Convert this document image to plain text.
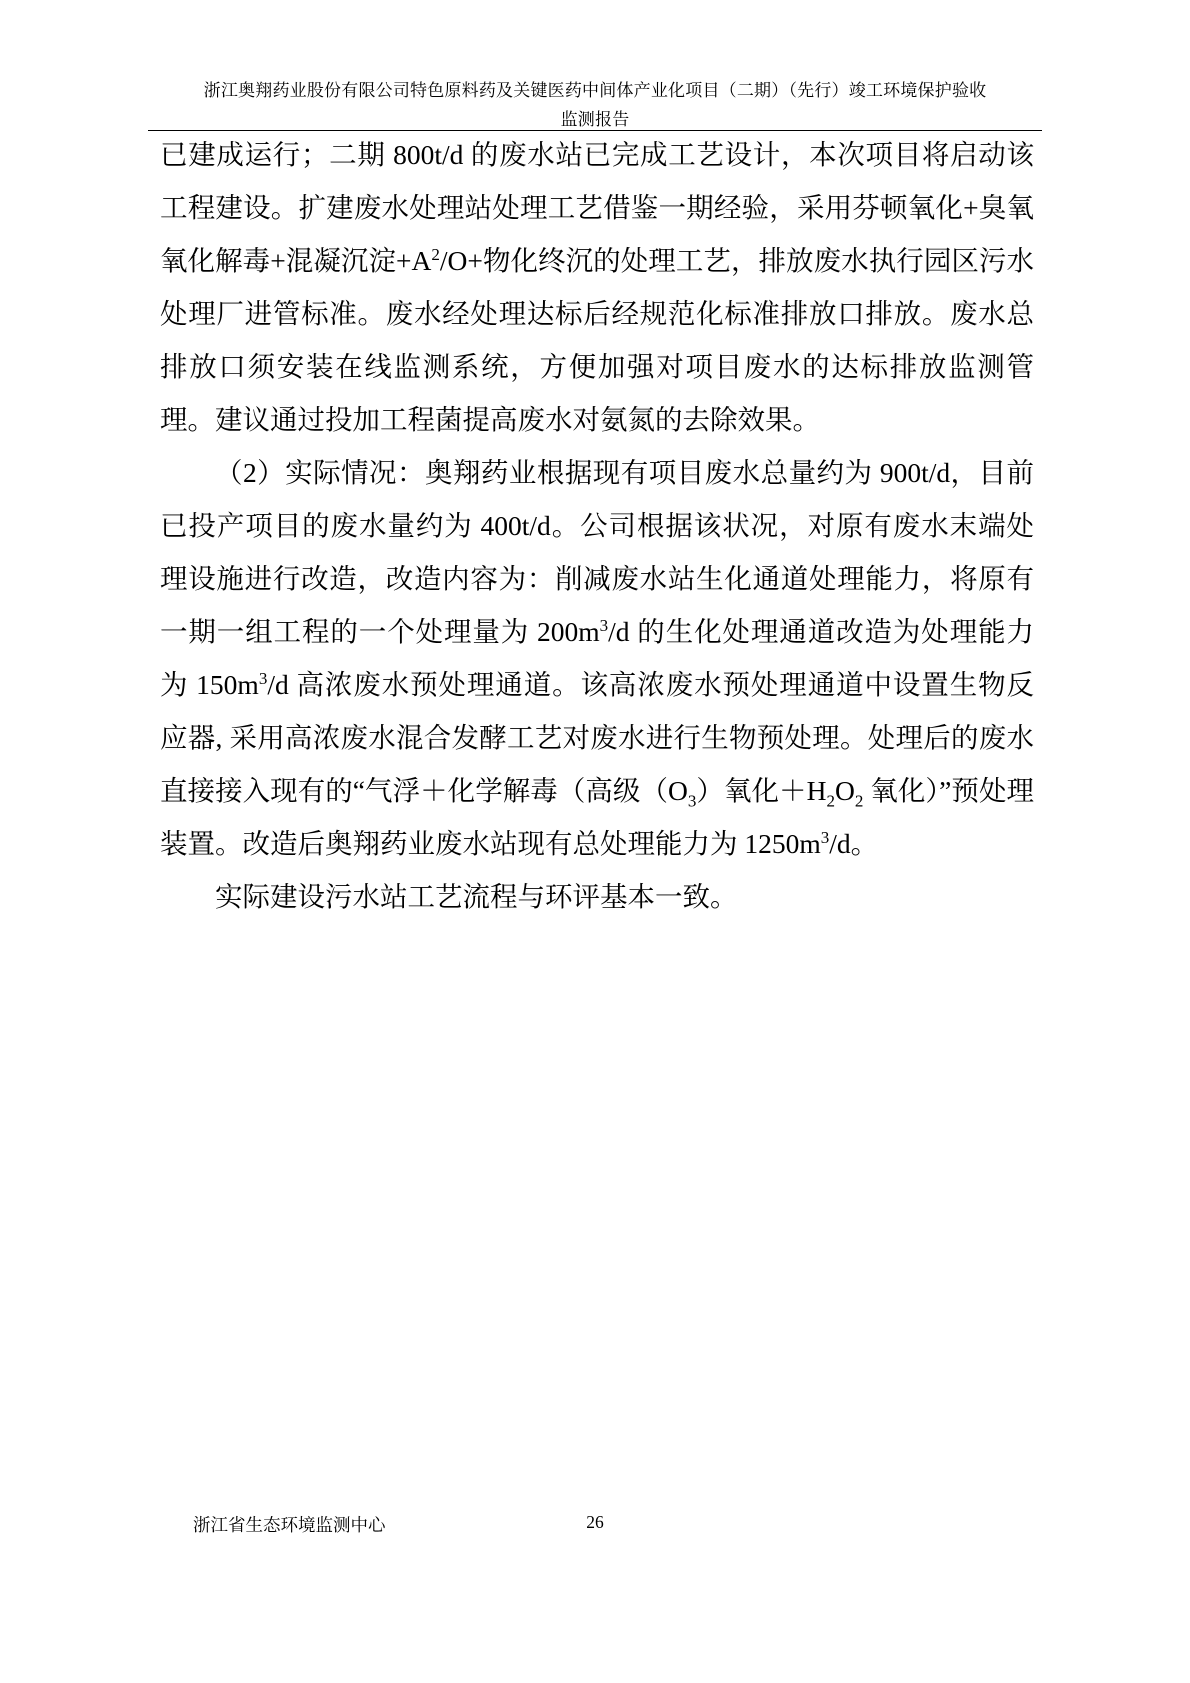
浙江奥翔药业股份有限公司特色原料药及关键医药中间体产业化项目（二期）（先行）竣工环境保护验收
监测报告

已建成运行；二期 800t/d 的废水站已完成工艺设计，本次项目将启动该工程建设。扩建废水处理站处理工艺借鉴一期经验，采用芬顿氧化+臭氧氧化解毒+混凝沉淀$+A^2/O+$物化终沉的处理工艺，排放废水执行园区污水处理厂进管标准。废水经处理达标后经规范化标准排放口排放。废水总排放口须安装在线监测系统，方便加强对项目废水的达标排放监测管理。建议通过投加工程菌提高废水对氨氮的去除效果。

（2）实际情况：奥翔药业根据现有项目废水总量约为 900t/d，目前已投产项目的废水量约为 400t/d。公司根据该状况，对原有废水末端处理设施进行改造，改造内容为：削减废水站生化通道处理能力，将原有一期一组工程的一个处理量为 $200m^3/d$ 的生化处理通道改造为处理能力为 $150m^3/d$ 高浓废水预处理通道。该高浓废水预处理通道中设置生物反应器, 采用高浓废水混合发酵工艺对废水进行生物预处理。处理后的废水直接接入现有的“气浮＋化学解毒（高级$(O_3)$氧化$+H_2O_2$ 氧化）”预处理装置。改造后奥翔药业废水站现有总处理能力为 $1250m^3/d$。

实际建设污水站工艺流程与环评基本一致。

浙江省生态环境监测中心	26
